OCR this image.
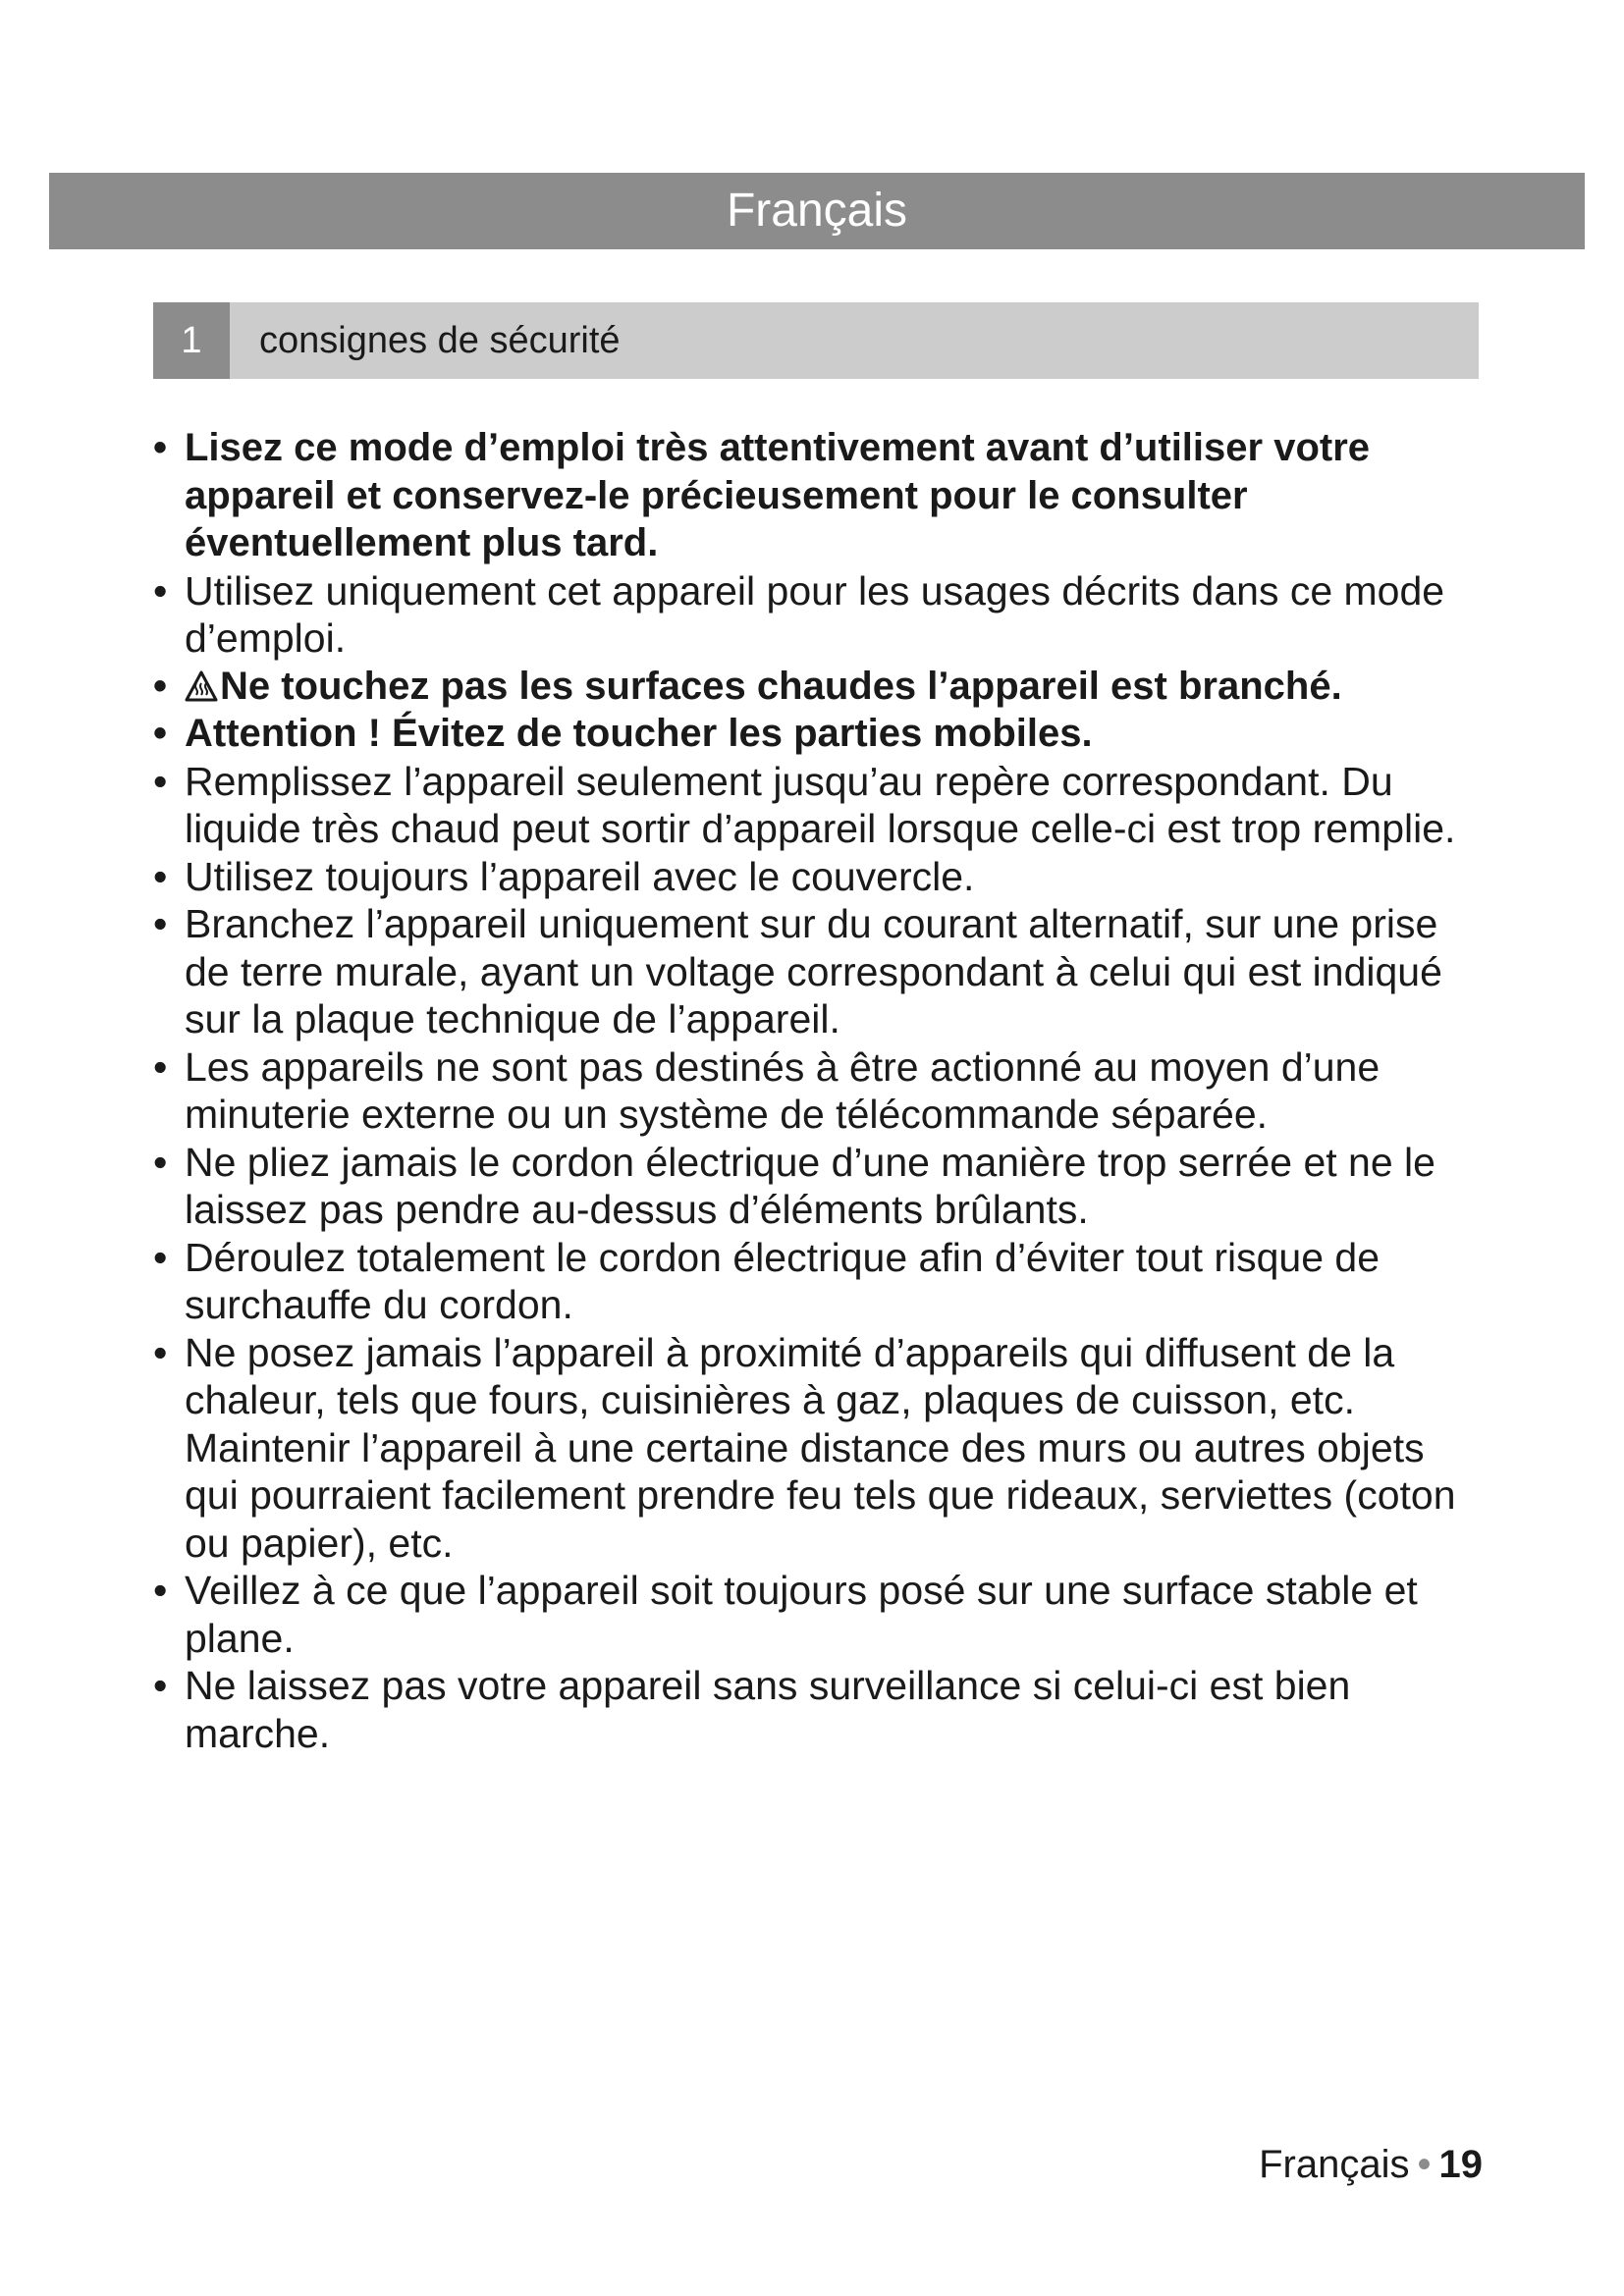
Français
1	consignes de sécurité
• Lisez ce mode d’emploi très attentivement avant d’utiliser votre appareil et conservez-le précieusement pour le consulter éventuellement plus tard.
• Utilisez uniquement cet appareil pour les usages décrits dans ce mode d’emploi.
•	Ne touchez pas les surfaces chaudes l’appareil est branché.
• Attention ! Évitez de toucher les parties mobiles.
• Remplissez l’appareil seulement jusqu’au repère correspondant. Du liquide très chaud peut sortir d’appareil lorsque celle-ci est trop remplie.
• Utilisez toujours l’appareil avec le couvercle.
• Branchez l’appareil uniquement sur du courant alternatif, sur une prise de terre murale, ayant un voltage correspondant à celui qui est indiqué sur la plaque technique de l’appareil.
• Les appareils ne sont pas destinés à être actionné au moyen d’une minuterie externe ou un système de télécommande séparée.
• Ne pliez jamais le cordon électrique d’une manière trop serrée et ne le laissez pas pendre au-dessus d’éléments brûlants.
• Déroulez totalement le cordon électrique afin d’éviter tout risque de surchauffe du cordon.
• Ne posez jamais l’appareil à proximité d’appareils qui diffusent de la chaleur, tels que fours, cuisinières à gaz, plaques de cuisson, etc. Maintenir l’appareil à une certaine distance des murs ou autres objets qui pourraient facilement prendre feu tels que rideaux, serviettes (coton ou papier), etc.
• Veillez à ce que l’appareil soit toujours posé sur une surface stable et plane.
• Ne laissez pas votre appareil sans surveillance si celui-ci est bien marche.
Français • 19
